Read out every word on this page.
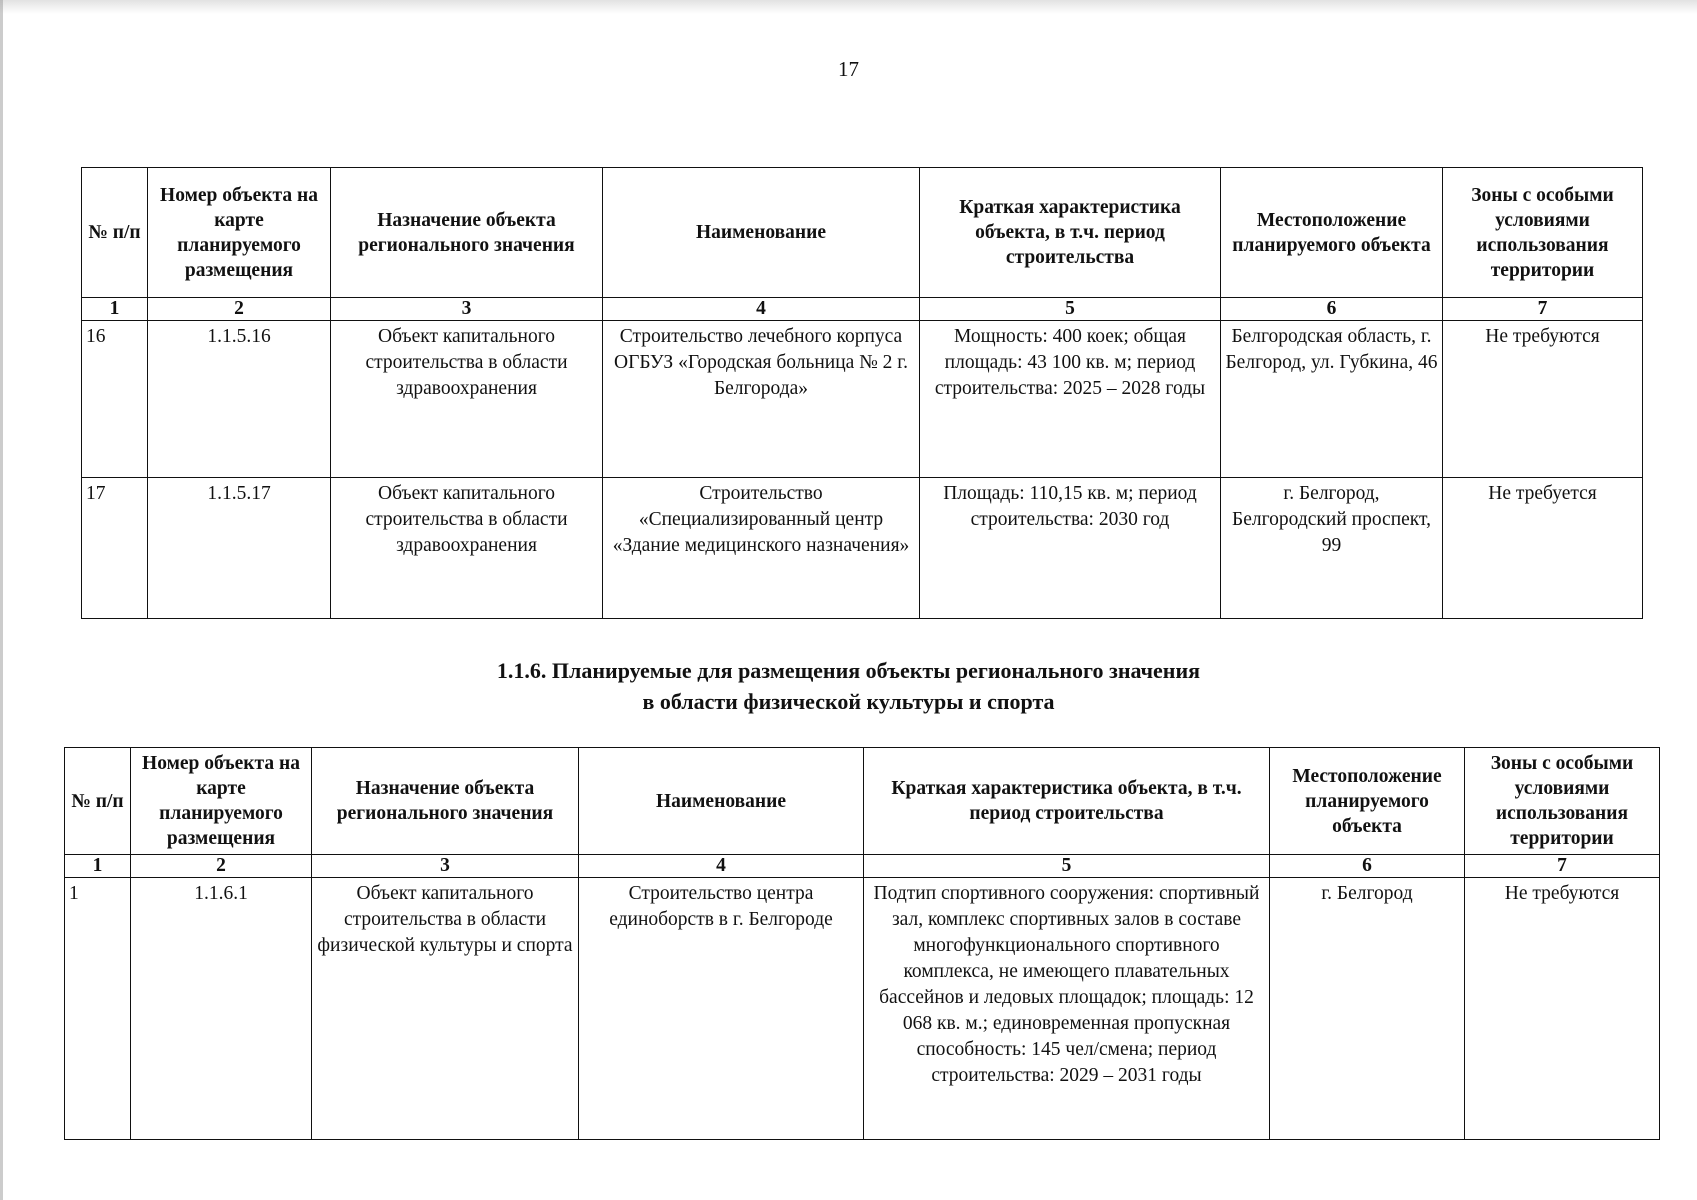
17
№ п/п	Номер объекта на карте планируемого размещения	Назначение объекта регионального значения	Наименование	Краткая характеристика объекта, в т.ч. период строительства	Местоположение планируемого объекта	Зоны с особыми условиями использования территории
1	2	3	4	5	6	7
16	1.1.5.16	Объект капитального строительства в области здравоохранения	Строительство лечебного корпуса ОГБУЗ «Городская больница № 2 г. Белгорода»	Мощность: 400 коек; общая площадь: 43 100 кв. м; период строительства: 2025 – 2028 годы	Белгородская область, г. Белгород, ул. Губкина, 46	Не требуются
17	1.1.5.17	Объект капитального строительства в области здравоохранения	Строительство «Специализированный центр «Здание медицинского назначения»	Площадь: 110,15 кв. м; период строительства: 2030 год	г. Белгород, Белгородский проспект, 99	Не требуется
1.1.6. Планируемые для размещения объекты регионального значения
в области физической культуры и спорта
№ п/п	Номер объекта на карте планируемого размещения	Назначение объекта регионального значения	Наименование	Краткая характеристика объекта, в т.ч. период строительства	Местоположение планируемого объекта	Зоны с особыми условиями использования территории
1	2	3	4	5	6	7
1	1.1.6.1	Объект капитального строительства в области физической культуры и спорта	Строительство центра единоборств в г. Белгороде	Подтип спортивного сооружения: спортивный зал, комплекс спортивных залов в составе многофункционального спортивного комплекса, не имеющего плавательных бассейнов и ледовых площадок; площадь: 12 068 кв. м.; единовременная пропускная способность: 145 чел/смена; период строительства: 2029 – 2031 годы	г. Белгород	Не требуются
